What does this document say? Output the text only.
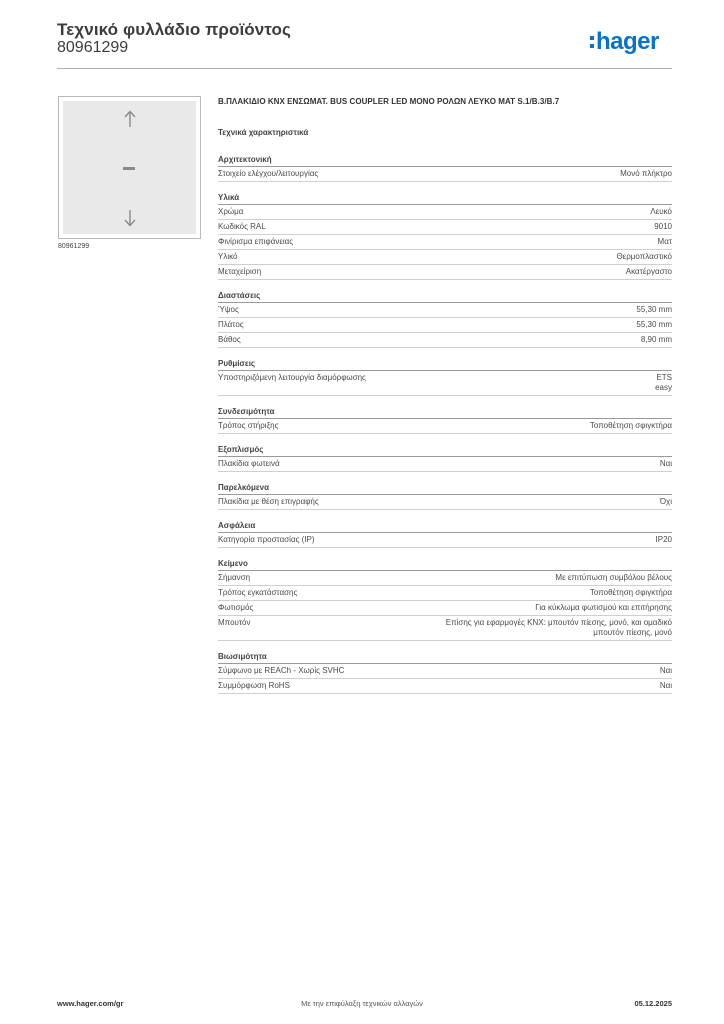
Τεχνικό φυλλάδιο προϊόντος
80961299	hager
80961299
Β.ΠΛΑΚΙΔΙΟ KNX ΕΝΣΩΜΑΤ. BUS COUPLER LED ΜΟΝΟ ΡΟΛΩΝ ΛΕΥΚΟ ΜΑΤ S.1/B.3/B.7
Τεχνικά χαρακτηριστικά
Αρχιτεκτονική
Στοιχείο ελέγχου/λειτουργίας	Μονό πλήκτρο
Υλικά
Χρώμα	Λευκό
Κωδικός RAL	9010
Φινίρισμα επιφάνειας	Ματ
Υλικό	Θερμοπλαστικό
Μεταχείριση	Ακατέργαστο
Διαστάσεις
Ύψος	55,30 mm
Πλάτος	55,30 mm
Βάθος	8,90 mm
Ρυθμίσεις
Υποστηριζόμενη λειτουργία διαμόρφωσης	ETS
easy
Συνδεσιμότητα
Τρόπος στήριξης	Τοποθέτηση σφιγκτήρα
Εξοπλισμός
Πλακίδια φωτεινά	Ναι
Παρελκόμενα
Πλακίδια με θέση επιγραφής	Όχι
Ασφάλεια
Κατηγορία προστασίας (IP)	IP20
Κείμενο
Σήμανση	Με επιτύπωση συμβόλου βέλους
Τρόπος εγκατάστασης	Τοποθέτηση σφιγκτήρα
Φωτισμός	Για κύκλωμα φωτισμού και επιτήρησης
Μπουτόν	Επίσης για εφαρμογές KNX: μπουτόν πίεσης, μονό, και ομαδικό
μπουτόν πίεσης, μονό
Βιωσιμότητα
Σύμφωνο με REACh - Χωρίς SVHC	Ναι
Συμμόρφωση RoHS	Ναι
www.hager.com/gr	Με την επιφύλαξη τεχνικών αλλαγών	05.12.2025
